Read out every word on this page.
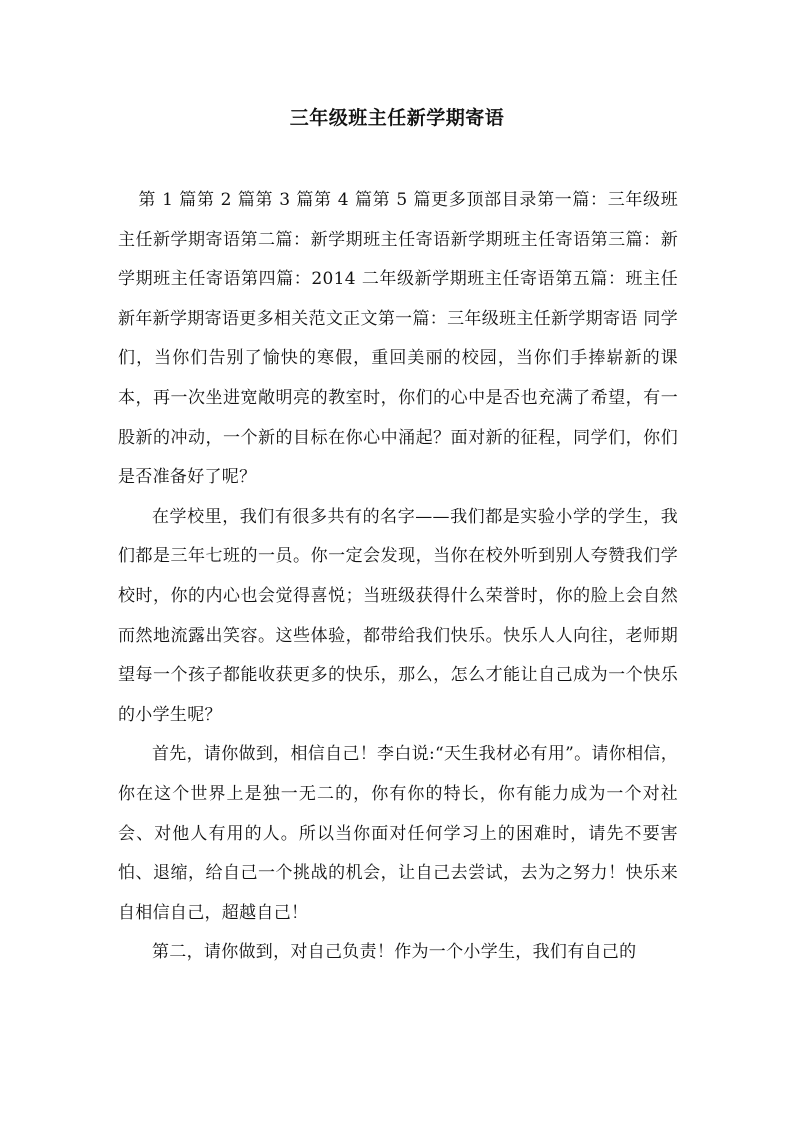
三年级班主任新学期寄语

第 1 篇第 2 篇第 3 篇第 4 篇第 5 篇更多顶部目录第一篇：三年级班主任新学期寄语第二篇：新学期班主任寄语新学期班主任寄语第三篇：新学期班主任寄语第四篇：2014 二年级新学期班主任寄语第五篇：班主任新年新学期寄语更多相关范文正文第一篇：三年级班主任新学期寄语 同学们，当你们告别了愉快的寒假，重回美丽的校园，当你们手捧崭新的课本，再一次坐进宽敞明亮的教室时，你们的心中是否也充满了希望，有一股新的冲动，一个新的目标在你心中涌起？面对新的征程，同学们，你们是否准备好了呢？

在学校里，我们有很多共有的名字——我们都是实验小学的学生，我们都是三年七班的一员。你一定会发现，当你在校外听到别人夸赞我们学校时，你的内心也会觉得喜悦；当班级获得什么荣誉时，你的脸上会自然而然地流露出笑容。这些体验，都带给我们快乐。快乐人人向往，老师期望每一个孩子都能收获更多的快乐，那么，怎么才能让自己成为一个快乐的小学生呢？

首先，请你做到，相信自己！李白说:“天生我材必有用”。请你相信，你在这个世界上是独一无二的，你有你的特长，你有能力成为一个对社会、对他人有用的人。所以当你面对任何学习上的困难时，请先不要害怕、退缩，给自己一个挑战的机会，让自己去尝试，去为之努力！快乐来自相信自己，超越自己！

第二，请你做到，对自己负责！作为一个小学生，我们有自己的
